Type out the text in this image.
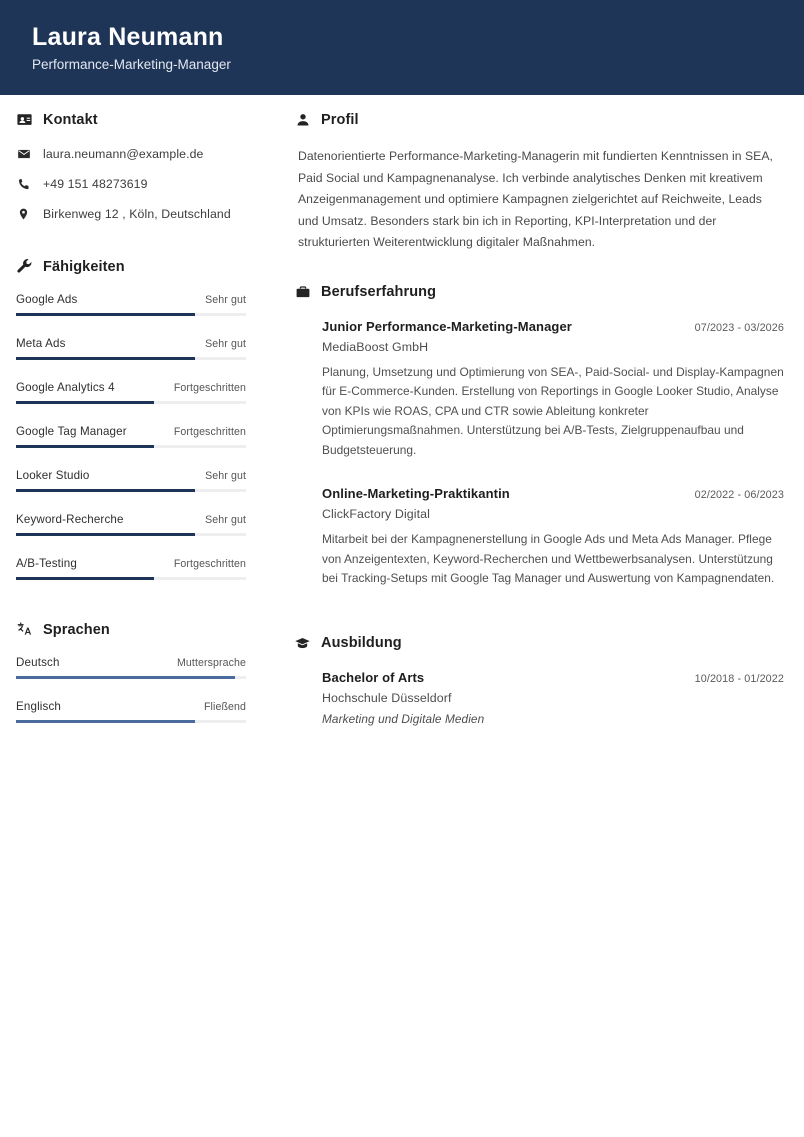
Laura Neumann
Performance-Marketing-Manager
Kontakt
laura.neumann@example.de
+49 151 48273619
Birkenweg 12 , Köln, Deutschland
Fähigkeiten
Google Ads	Sehr gut
Meta Ads	Sehr gut
Google Analytics 4	Fortgeschritten
Google Tag Manager	Fortgeschritten
Looker Studio	Sehr gut
Keyword-Recherche	Sehr gut
A/B-Testing	Fortgeschritten
Sprachen
Deutsch	Muttersprache
Englisch	Fließend
Profil

Datenorientierte Performance-Marketing-Managerin mit fundierten Kenntnissen in SEA, Paid Social und Kampagnenanalyse. Ich verbinde analytisches Denken mit kreativem Anzeigenmanagement und optimiere Kampagnen zielgerichtet auf Reichweite, Leads und Umsatz. Besonders stark bin ich in Reporting, KPI-Interpretation und der strukturierten Weiterentwicklung digitaler Maßnahmen.

Berufserfahrung
Junior Performance-Marketing-Manager	07/2023 - 03/2026
MediaBoost GmbH
Planung, Umsetzung und Optimierung von SEA-, Paid-Social- und Display-Kampagnen für E-Commerce-Kunden. Erstellung von Reportings in Google Looker Studio, Analyse von KPIs wie ROAS, CPA und CTR sowie Ableitung konkreter Optimierungsmaßnahmen. Unterstützung bei A/B-Tests, Zielgruppenaufbau und Budgetsteuerung.
Online-Marketing-Praktikantin	02/2022 - 06/2023
ClickFactory Digital
Mitarbeit bei der Kampagnenerstellung in Google Ads und Meta Ads Manager. Pflege von Anzeigentexten, Keyword-Recherchen und Wettbewerbsanalysen. Unterstützung bei Tracking-Setups mit Google Tag Manager und Auswertung von Kampagnendaten.
Ausbildung
Bachelor of Arts	10/2018 - 01/2022
Hochschule Düsseldorf
Marketing und Digitale Medien
